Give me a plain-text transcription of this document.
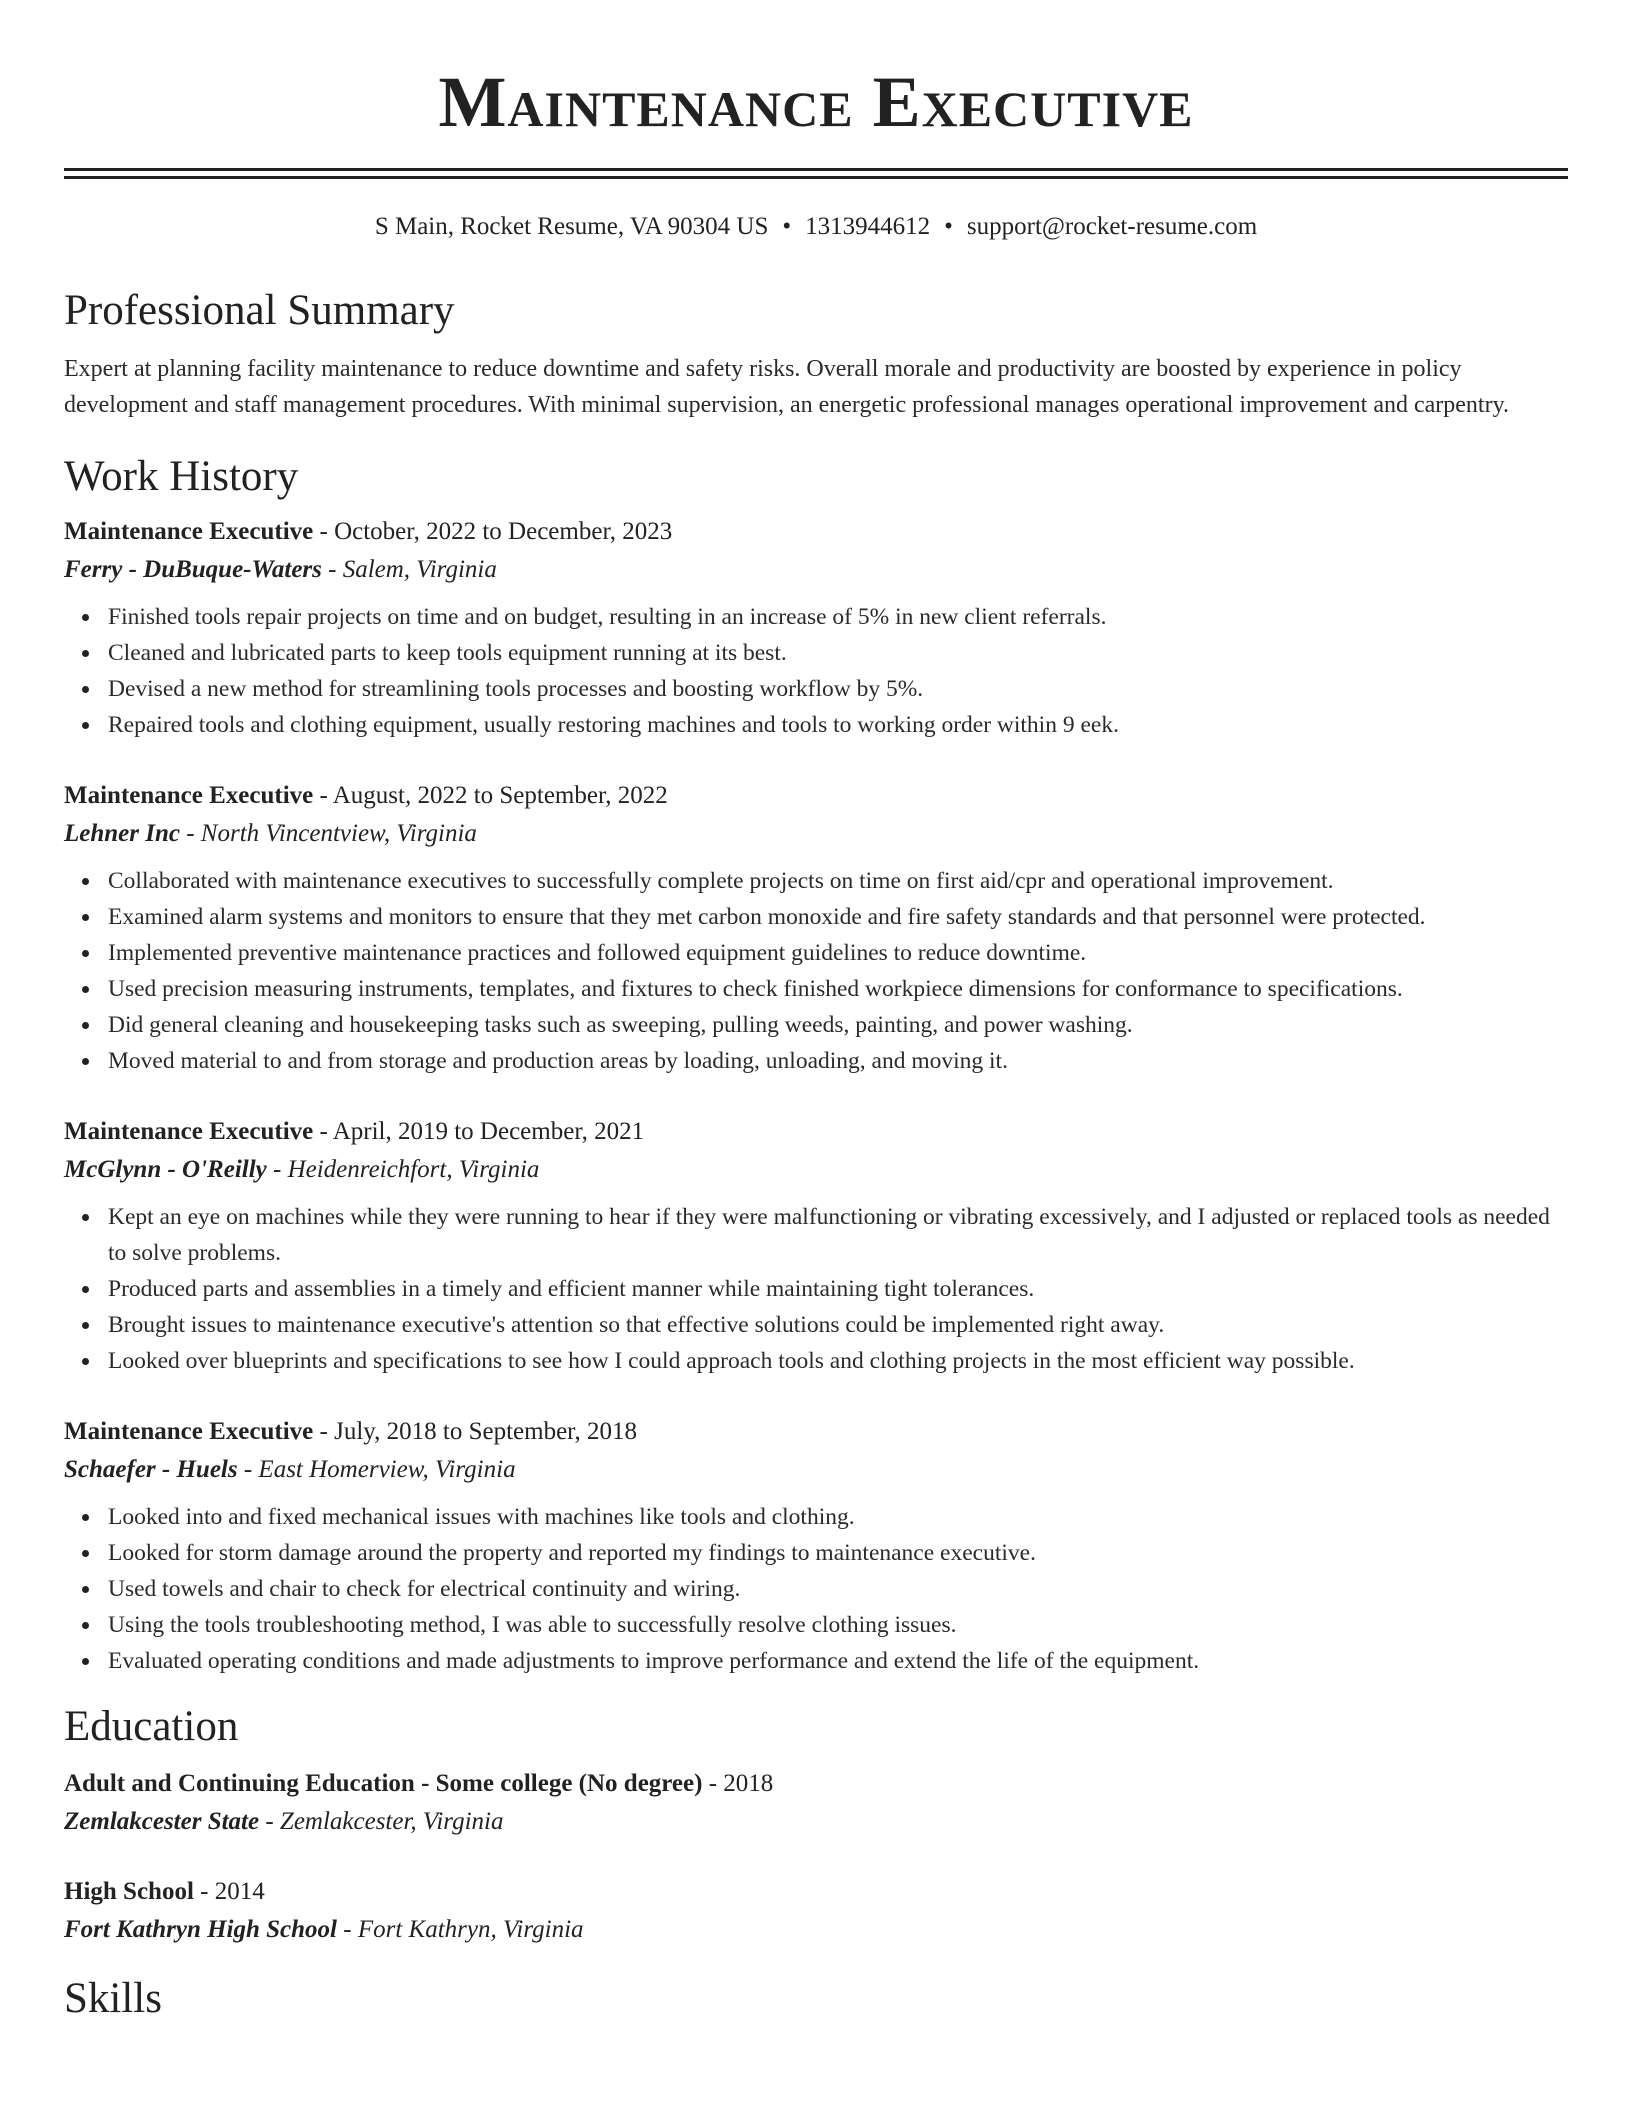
Maintenance Executive
S Main, Rocket Resume, VA 90304 US • 1313944612 • support@rocket-resume.com
Professional Summary
Expert at planning facility maintenance to reduce downtime and safety risks. Overall morale and productivity are boosted by experience in policy development and staff management procedures. With minimal supervision, an energetic professional manages operational improvement and carpentry.
Work History
Maintenance Executive - October, 2022 to December, 2023
Ferry - DuBuque-Waters - Salem, Virginia
Finished tools repair projects on time and on budget, resulting in an increase of 5% in new client referrals.
Cleaned and lubricated parts to keep tools equipment running at its best.
Devised a new method for streamlining tools processes and boosting workflow by 5%.
Repaired tools and clothing equipment, usually restoring machines and tools to working order within 9 eek.
Maintenance Executive - August, 2022 to September, 2022
Lehner Inc - North Vincentview, Virginia
Collaborated with maintenance executives to successfully complete projects on time on first aid/cpr and operational improvement.
Examined alarm systems and monitors to ensure that they met carbon monoxide and fire safety standards and that personnel were protected.
Implemented preventive maintenance practices and followed equipment guidelines to reduce downtime.
Used precision measuring instruments, templates, and fixtures to check finished workpiece dimensions for conformance to specifications.
Did general cleaning and housekeeping tasks such as sweeping, pulling weeds, painting, and power washing.
Moved material to and from storage and production areas by loading, unloading, and moving it.
Maintenance Executive - April, 2019 to December, 2021
McGlynn - O'Reilly - Heidenreichfort, Virginia
Kept an eye on machines while they were running to hear if they were malfunctioning or vibrating excessively, and I adjusted or replaced tools as needed to solve problems.
Produced parts and assemblies in a timely and efficient manner while maintaining tight tolerances.
Brought issues to maintenance executive's attention so that effective solutions could be implemented right away.
Looked over blueprints and specifications to see how I could approach tools and clothing projects in the most efficient way possible.
Maintenance Executive - July, 2018 to September, 2018
Schaefer - Huels - East Homerview, Virginia
Looked into and fixed mechanical issues with machines like tools and clothing.
Looked for storm damage around the property and reported my findings to maintenance executive.
Used towels and chair to check for electrical continuity and wiring.
Using the tools troubleshooting method, I was able to successfully resolve clothing issues.
Evaluated operating conditions and made adjustments to improve performance and extend the life of the equipment.
Education
Adult and Continuing Education - Some college (No degree) - 2018
Zemlakcester State - Zemlakcester, Virginia
High School - 2014
Fort Kathryn High School - Fort Kathryn, Virginia
Skills
